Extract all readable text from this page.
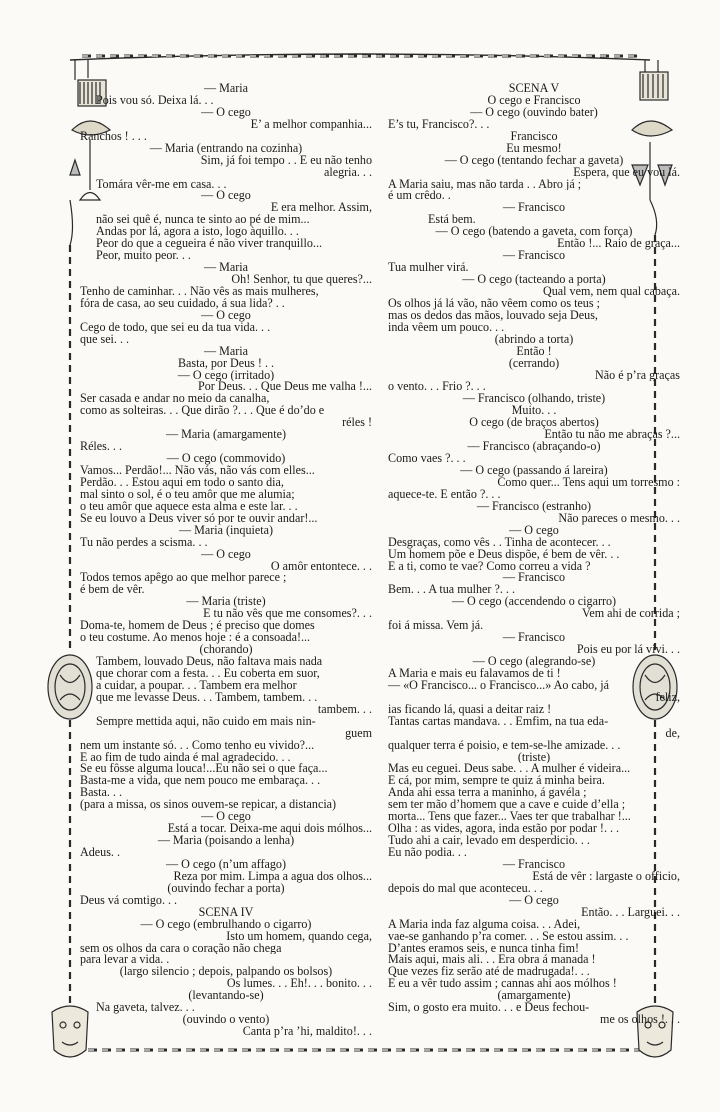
— Maria
Pois vou só. Deixa lá. . .
— O cego
E’ a melhor companhia...
Ranchos ! . . .
— Maria (entrando na cozinha)
Sim, já foi tempo . . E eu não tenho
alegria. . .
Tomára vêr-me em casa. . .
— O cego
E era melhor. Assim,
não sei quê é, nunca te sinto ao pé de mim...
Andas por lá, agora a isto, logo àquillo. . .
Peor do que a cegueira é não viver tranquillo...
Peor, muito peor. . .
— Maria
Oh! Senhor, tu que queres?...
Tenho de caminhar. . . Não vês as mais mulheres,
fóra de casa, ao seu cuidado, á sua lida? . .
— O cego
Cego de todo, que sei eu da tua vida. . .
que sei. . .
— Maria
Basta, por Deus ! . .
— O cego (irritado)
Por Deus. . . Que Deus me valha !...
Ser casada e andar no meio da canalha,
como as solteiras. . . Que dirão ?. . . Que é do’do e
réles !
— Maria (amargamente)
Réles. . .
— O cego (commovido)
Vamos... Perdão!... Não vás, não vás com elles...
Perdão. . . Estou aqui em todo o santo dia,
mal sinto o sol, é o teu amôr que me alumia;
o teu amôr que aquece esta alma e este lar. . .
Se eu louvo a Deus viver só por te ouvir andar!...
— Maria (inquieta)
Tu não perdes a scisma. . .
— O cego
O amôr entontece. . .
Todos temos apêgo ao que melhor parece ;
é bem de vêr.
— Maria (triste)
E tu não vês que me consomes?. . .
Doma-te, homem de Deus ; é preciso que domes
o teu costume. Ao menos hoje : é a consoada!...
(chorando)
Tambem, louvado Deus, não faltava mais nada
que chorar com a festa. . . Eu coberta em suor,
a cuidar, a poupar. . . Tambem era melhor
que me levasse Deus. . . Tambem, tambem. . .
tambem. . .
Sempre mettida aqui, não cuido em mais nin-
guem
nem um instante só. . . Como tenho eu vivido?...
E ao fim de tudo ainda é mal agradecido. . .
Se eu fôsse alguma louca!...Eu não sei o que faça...
Basta-me a vida, que nem pouco me embaraça. . .
Basta. . .
(para a missa, os sinos ouvem-se repicar, a distancia)
— O cego
Está a tocar. Deixa-me aqui dois mólhos...
— Maria (poisando a lenha)
Adeus. .
— O cego (n’um affago)
Reza por mim. Limpa a agua dos olhos...
(ouvindo fechar a porta)
Deus vá comtigo. . .
SCENA IV
— O cego (embrulhando o cigarro)
Isto um homem, quando cega,
sem os olhos da cara o coração não chega
para levar a vida. .
(largo silencio ; depois, palpando os bolsos)
Os lumes. . . Eh!. . . bonito. . .
(levantando-se)
Na gaveta, talvez. . .
(ouvindo o vento)
Canta p’ra ’hi, maldito!. . .
SCENA V
O cego e Francisco
— O cego (ouvindo bater)
E’s tu, Francisco?. . .
Francisco
Eu mesmo!
— O cego (tentando fechar a gaveta)
Espera, que eu vou lá.
A Maria saiu, mas não tarda . . Abro já ;
é um crêdo. .
— Francisco
Está bem.
— O cego (batendo a gaveta, com força)
Então !... Raio de graça...
— Francisco
Tua mulher virá.
— O cego (tacteando a porta)
Qual vem, nem qual cabaça.
Os olhos já lá vão, não vêem como os teus ;
mas os dedos das mãos, louvado seja Deus,
inda vêem um pouco. . .
(abrindo a torta)
Então !
(cerrando)
Não é p’ra graças
o vento. . . Frio ?. . .
— Francisco (olhando, triste)
Muito. . .
O cego (de braços abertos)
Então tu não me abraças ?...
— Francisco (abraçando-o)
Como vaes ?. . .
— O cego (passando á lareira)
Como quer... Tens aqui um torresmo :
aquece-te. E então ?. . .
— Francisco (estranho)
Não pareces o mesmo. . .
— O cego
Desgraças, como vês . . Tinha de acontecer. . .
Um homem põe e Deus dispõe, é bem de vêr. . .
E a ti, como te vae? Como correu a vida ?
— Francisco
Bem. . . A tua mulher ?. . .
— O cego (accendendo o cigarro)
Vem ahi de corrida ;
foi á missa. Vem já.
— Francisco
Pois eu por lá vivi. . .
— O cego (alegrando-se)
A Maria e mais eu falavamos de ti !
— «O Francisco... o Francisco...» Ao cabo, já
feliz,
ias ficando lá, quasi a deitar raiz !
Tantas cartas mandava. . . Emfim, na tua eda-
de,
qualquer terra é poisio, e tem-se-lhe amizade. . .
(triste)
Mas eu ceguei. Deus sabe. . . A mulher é videira...
E cá, por mim, sempre te quiz á minha beira.
Anda ahi essa terra a maninho, á gavéla ;
sem ter mão d’homem que a cave e cuide d’ella ;
morta... Tens que fazer... Vaes ter que trabalhar !...
Olha : as vides, agora, inda estão por podar !. . .
Tudo ahi a cair, levado em desperdicio. . .
Eu não podia. . .
— Francisco
Está de vêr : largaste o officio,
depois do mal que aconteceu. . .
— O cego
Então. . . Larguei. . .
A Maria inda faz alguma coisa. . . Adei,
vae-se ganhando p’ra comer. . . Se estou assim. . .
D’antes eramos seis, e nunca tinha fim!
Mais aqui, mais ali. . . Era obra á manada !
Que vezes fiz serão até de madrugada!. . .
E eu a vêr tudo assim ; cannas ahi aos mólhos !
(amargamente)
Sim, o gosto era muito. . . e Deus fechou-
me os olhos !. . .
